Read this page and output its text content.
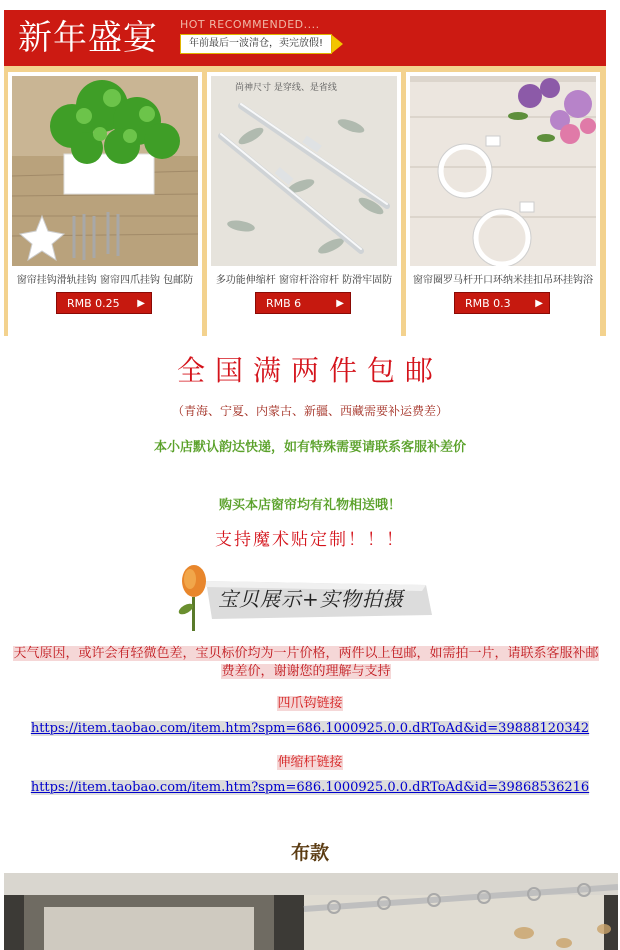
新年盛宴 HOT RECOMMENDED....
年前最后一波清仓，卖完放假!
窗帘挂钩滑轨挂钩 窗帘四爪挂钩 包邮防
RMB 0.25	▶
尚神尺寸 是穿线、是省线
多功能伸缩杆 窗帘杆浴帘杆 防滑牢固防
RMB 6	▶
窗帘圈罗马杆开口环纳米挂扣吊环挂钩浴
RMB 0.3	▶
全国满两件包邮
（青海、宁夏、内蒙古、新疆、西藏需要补运费差）
本小店默认韵达快递，如有特殊需要请联系客服补差价
购买本店窗帘均有礼物相送哦！
支持魔术贴定制！！！
宝贝展示+实物拍摄
天气原因，或许会有轻微色差，宝贝标价均为一片价格，两件以上包邮，如需拍一片，请联系客服补邮费差价，谢谢您的理解与支持
四爪钩链接
https://item.taobao.com/item.htm?spm=686.1000925.0.0.dRToAd&id=39888120342
伸缩杆链接
https://item.taobao.com/item.htm?spm=686.1000925.0.0.dRToAd&id=39868536216
布款
